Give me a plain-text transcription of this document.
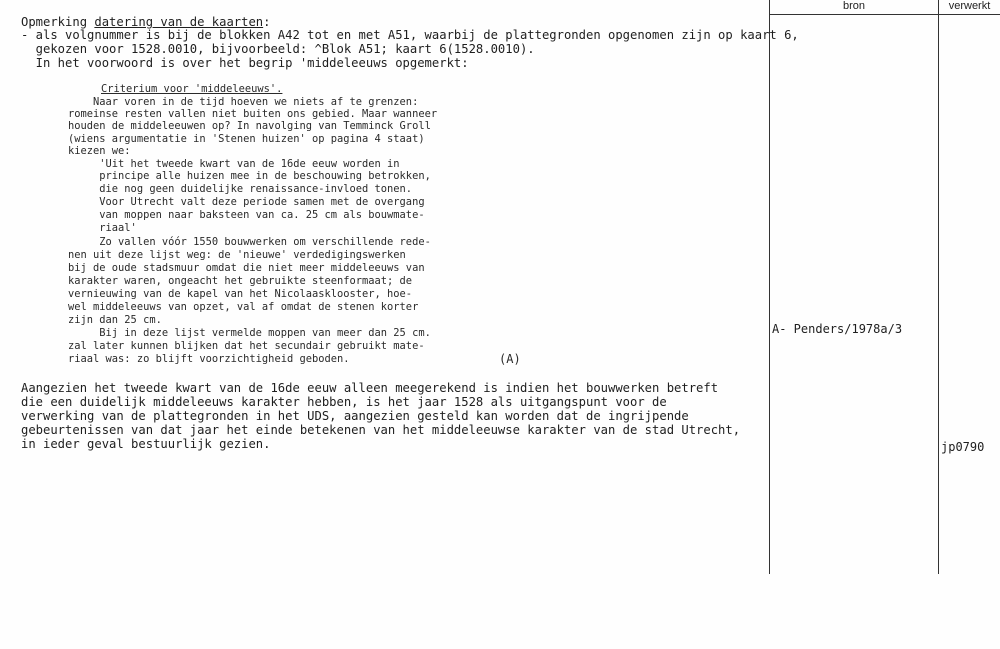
bron	verwerkt
Opmerking datering van de kaarten:
- als volgnummer is bij de blokken A42 tot en met A51, waarbij de plattegronden opgenomen zijn op kaart 6,
gekozen voor 1528.0010, bijvoorbeeld: ^Blok A51; kaart 6(1528.0010).
In het voorwoord is over het begrip 'middeleeuws opgemerkt:
Criterium voor 'middeleeuws'.
Naar voren in de tijd hoeven we niets af te grenzen:
romeinse resten vallen niet buiten ons gebied. Maar wanneer
houden de middeleeuwen op? In navolging van Temminck Groll
(wiens argumentatie in 'Stenen huizen' op pagina 4 staat)
kiezen we:
'Uit het tweede kwart van de 16de eeuw worden in
principe alle huizen mee in de beschouwing betrokken,
die nog geen duidelijke renaissance-invloed tonen.
Voor Utrecht valt deze periode samen met de overgang
van moppen naar baksteen van ca. 25 cm als bouwmate-
riaal'
Zo vallen vóór 1550 bouwwerken om verschillende rede-
nen uit deze lijst weg: de 'nieuwe' verdedigingswerken
bij de oude stadsmuur omdat die niet meer middeleeuws van
karakter waren, ongeacht het gebruikte steenformaat; de
vernieuwing van de kapel van het Nicolaasklooster, hoe-
wel middeleeuws van opzet, val af omdat de stenen korter
zijn dan 25 cm.
Bij in deze lijst vermelde moppen van meer dan 25 cm.
zal later kunnen blijken dat het secundair gebruikt mate-
riaal was: zo blijft voorzichtigheid geboden.	(A)
Aangezien het tweede kwart van de 16de eeuw alleen meegerekend is indien het bouwwerken betreft
die een duidelijk middeleeuws karakter hebben, is het jaar 1528 als uitgangspunt voor de
verwerking van de plattegronden in het UDS, aangezien gesteld kan worden dat de ingrijpende
gebeurtenissen van dat jaar het einde betekenen van het middeleeuwse karakter van de stad Utrecht,
in ieder geval bestuurlijk gezien.
A- Penders/1978a/3
jp0790
